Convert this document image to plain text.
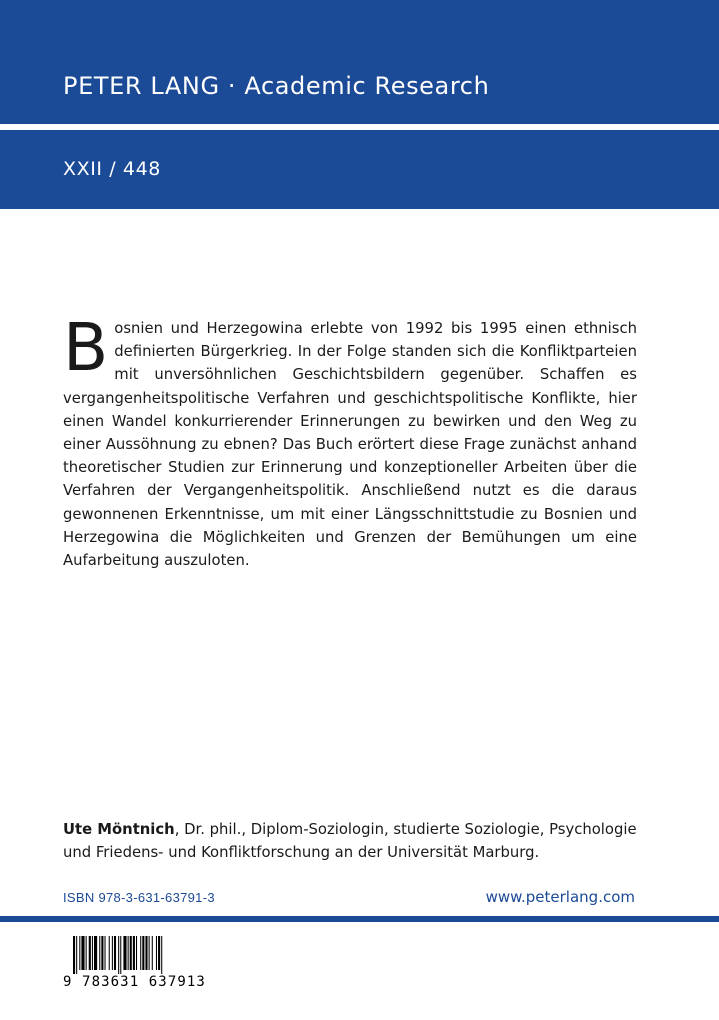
PETER LANG · Academic Research
XXII / 448
Bosnien und Herzegowina erlebte von 1992 bis 1995 einen ethnisch definierten Bürgerkrieg. In der Folge standen sich die Konfliktparteien mit unversöhnlichen Geschichtsbildern gegenüber. Schaffen es vergangenheitspolitische Verfahren und geschichtspolitische Konflikte, hier einen Wandel konkurrierender Erinnerungen zu bewirken und den Weg zu einer Aussöhnung zu ebnen? Das Buch erörtert diese Frage zunächst anhand theoretischer Studien zur Erinnerung und konzeptioneller Arbeiten über die Verfahren der Vergangenheitspolitik. Anschließend nutzt es die daraus gewonnenen Erkenntnisse, um mit einer Längsschnittstudie zu Bosnien und Herzegowina die Möglichkeiten und Grenzen der Bemühungen um eine Aufarbeitung auszuloten.
Ute Möntnich, Dr. phil., Diplom-Soziologin, studierte Soziologie, Psychologie und Friedens- und Konfliktforschung an der Universität Marburg.
ISBN 978-3-631-63791-3	www.peterlang.com
9 783631 637913
